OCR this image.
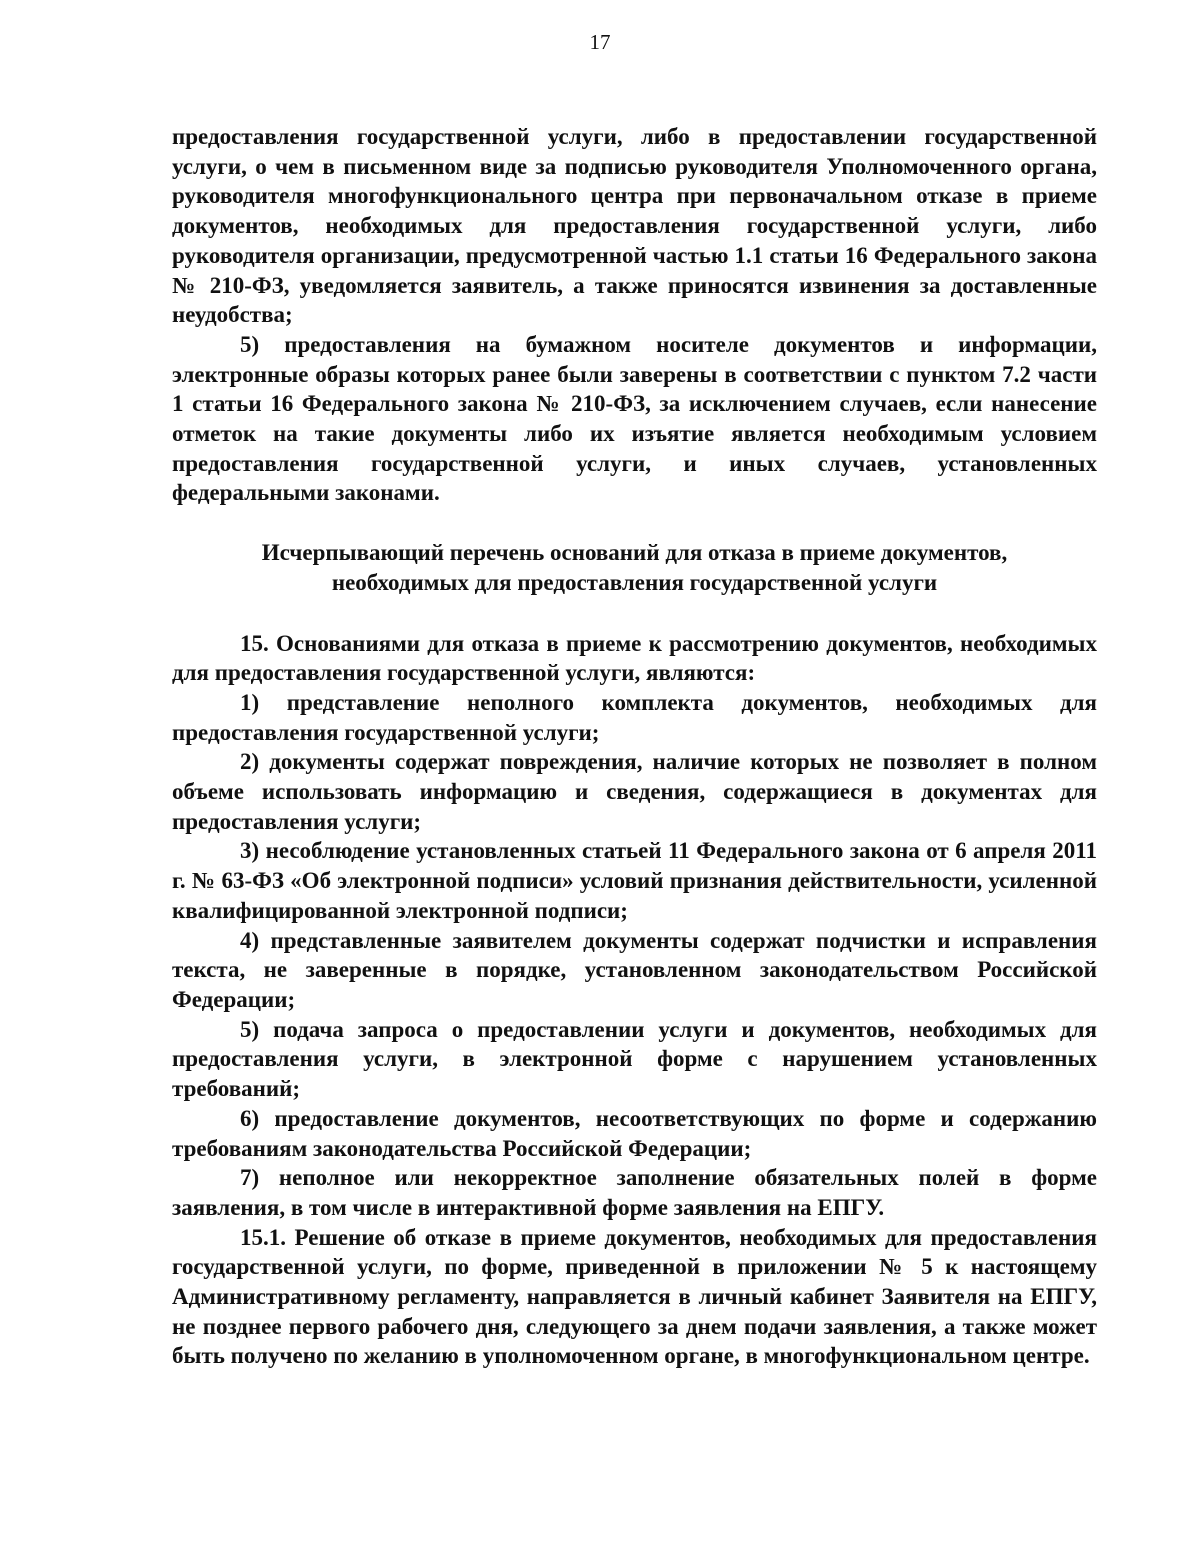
17

предоставления государственной услуги, либо в предоставлении государственной услуги, о чем в письменном виде за подписью руководителя Уполномоченного органа, руководителя многофункционального центра при первоначальном отказе в приеме документов, необходимых для предоставления государственной услуги, либо руководителя организации, предусмотренной частью 1.1 статьи 16 Федерального закона № 210-ФЗ, уведомляется заявитель, а также приносятся извинения за доставленные неудобства;

5) предоставления на бумажном носителе документов и информации, электронные образы которых ранее были заверены в соответствии с пунктом 7.2 части 1 статьи 16 Федерального закона № 210-ФЗ, за исключением случаев, если нанесение отметок на такие документы либо их изъятие является необходимым условием предоставления государственной услуги, и иных случаев, установленных федеральными законами.

Исчерпывающий перечень оснований для отказа в приеме документов,
необходимых для предоставления государственной услуги

15. Основаниями для отказа в приеме к рассмотрению документов, необходимых для предоставления государственной услуги, являются:

1) представление неполного комплекта документов, необходимых для предоставления государственной услуги;

2) документы содержат повреждения, наличие которых не позволяет в полном объеме использовать информацию и сведения, содержащиеся в документах для предоставления услуги;

3) несоблюдение установленных статьей 11 Федерального закона от 6 апреля 2011 г. № 63-ФЗ «Об электронной подписи» условий признания действительности, усиленной квалифицированной электронной подписи;

4) представленные заявителем документы содержат подчистки и исправления текста, не заверенные в порядке, установленном законодательством Российской Федерации;

5) подача запроса о предоставлении услуги и документов, необходимых для предоставления услуги, в электронной форме с нарушением установленных требований;

6) предоставление документов, несоответствующих по форме и содержанию требованиям законодательства Российской Федерации;

7) неполное или некорректное заполнение обязательных полей в форме заявления, в том числе в интерактивной форме заявления на ЕПГУ.

15.1. Решение об отказе в приеме документов, необходимых для предоставления государственной услуги, по форме, приведенной в приложении № 5 к настоящему Административному регламенту, направляется в личный кабинет Заявителя на ЕПГУ, не позднее первого рабочего дня, следующего за днем подачи заявления, а также может быть получено по желанию в уполномоченном органе, в многофункциональном центре.
